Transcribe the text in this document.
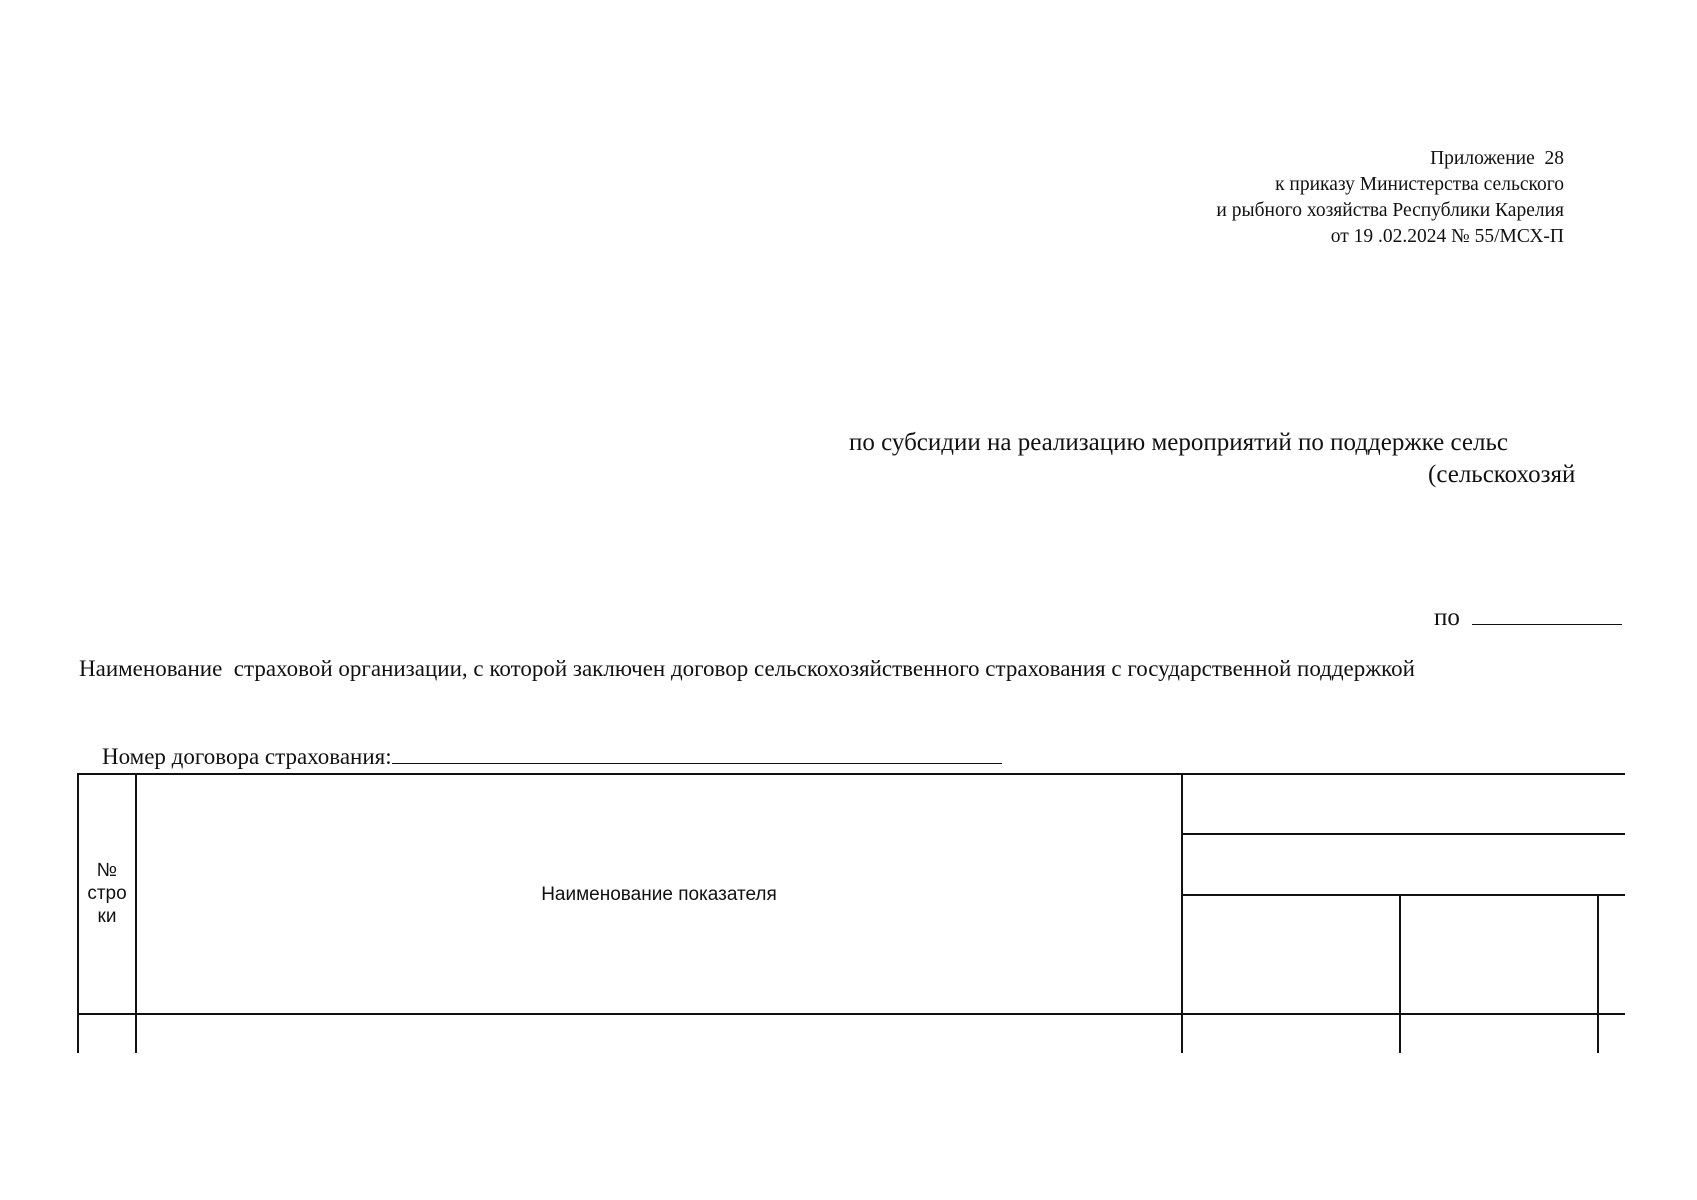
Приложение  28
к приказу Министерства сельского
и рыбного хозяйства Республики Карелия
от 19 .02.2024 № 55/МСХ-П
по субсидии на реализацию мероприятий по поддержке сельс
(сельскохозяй
Наименование  страховой организации, с которой заключен договор сельскохозяйственного страхования с государственной поддержкой

по

Номер договора страхования:

№
стро
ки
Наименование показателя
